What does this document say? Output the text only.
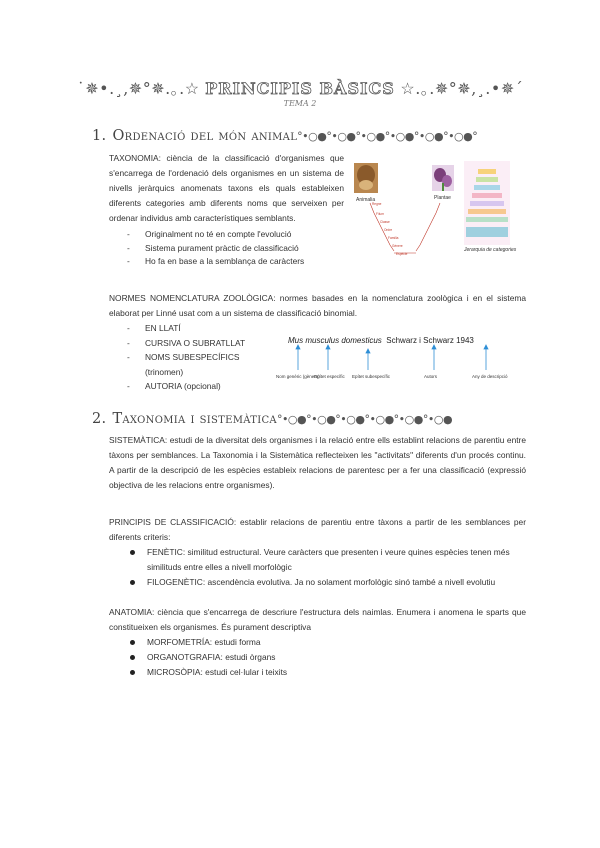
˙✵•.¸,✵°✵.｡.☆ PRINCIPIS BÀSICS ☆.｡.✵°✵,¸.•✵´
TEMA 2
1. Ordenació del món animal°•○●°•○●°•○●°•○●°•○●°•○●°
TAXONOMIA: ciència de la classificació d'organismes que s'encarrega de l'ordenació dels organismes en un sistema de nivells jeràrquics anomenats taxons els quals estableixen diferents categories amb diferents noms que serveixen per ordenar individus amb característiques semblants.
- Originalment no té en compte l'evolució
- Sistema purament pràctic de classificació
- Ho fa en base a la semblança de caràcters
Regne
Fílum
Classe
Ordre
Família
Gènere
Espècie
Animalia	Plantae
Jerarquia de categories
NORMES NOMENCLATURA ZOOLÒGICA: normes basades en la nomenclatura zoològica i en el sistema elaborat per Linné usat com a un sistema de classificació binomial.
- EN LLATÍ
- CURSIVA O SUBRATLLAT
- NOMS SUBESPECÍFICS (trinomen)
- AUTORIA (opcional)
Mus musculus domesticus Schwarz i Schwarz 1943
Nom genèric (gènere)
Epítet específic Epítet subespecífic	Autors	Any de descripció
2. Taxonomia i sistemàtica°•○●°•○●°•○●°•○●°•○●°•○●
SISTEMÀTICA: estudi de la diversitat dels organismes i la relació entre ells establint relacions de parentiu entre tàxons per semblances. La Taxonomia i la Sistemàtica reflecteixen les "activitats" diferents d'un procés continu. A partir de la descripció de les espècies estableix relacions de parentesc per a fer una classificació (expressió objectiva de les relacions entre organismes).
PRINCIPIS DE CLASSIFICACIÓ: establir relacions de parentiu entre tàxons a partir de les semblances per diferents criteris:
FENÈTIC: similitud estructural. Veure caràcters que presenten i veure quines espècies tenen més similituds entre elles a nivell morfològic
FILOGENÈTIC: ascendència evolutiva. Ja no solament morfològic sinó també a nivell evolutiu
ANATOMIA: ciència que s'encarrega de descriure l'estructura dels naimlas. Enumera i anomena le sparts que constitueixen els organismes. És purament descriptiva
MORFOMETRÍA: estudi forma
ORGANOTGRAFIA: estudi òrgans
MICROSÒPIA: estudi cel·lular i teixits
